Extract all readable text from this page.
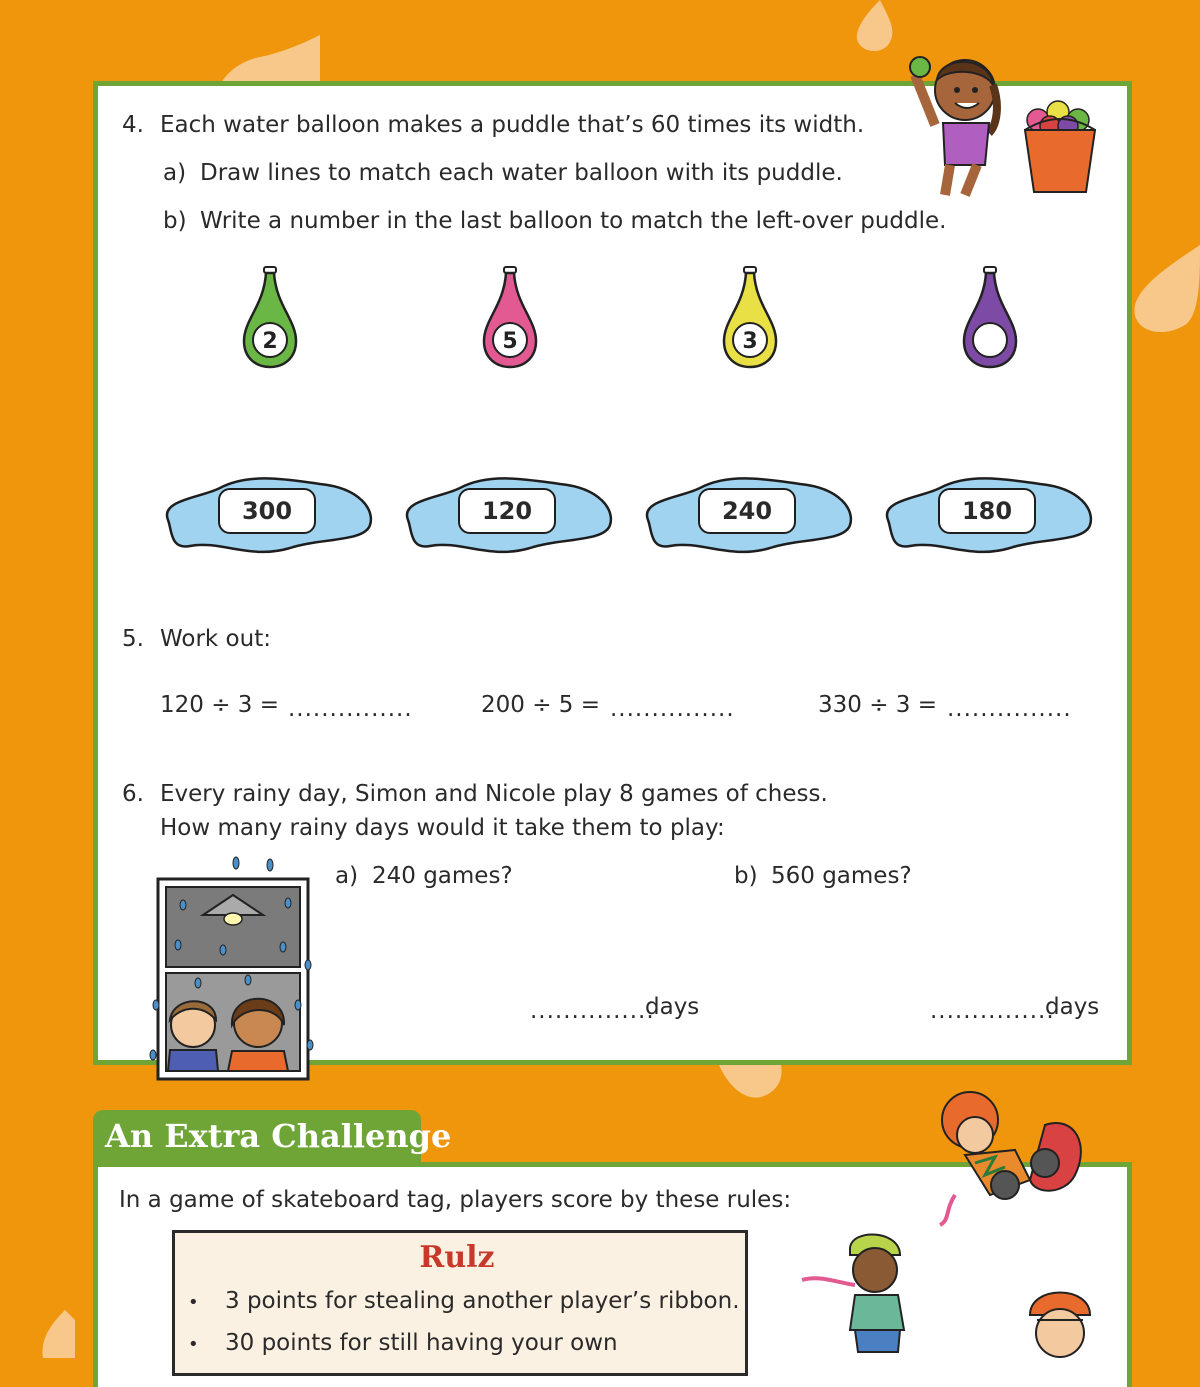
4. Each water balloon makes a puddle that’s 60 times its width.
a) Draw lines to match each water balloon with its puddle.
b) Write a number in the last balloon to match the left-over puddle.
2	5	3
300	120	240	180
5. Work out:
120 ÷ 3 = ...............	200 ÷ 5 = ...............	330 ÷ 3 = ...............
6. Every rainy day, Simon and Nicole play 8 games of chess.
How many rainy days would it take them to play:
a) 240 games?	b) 560 games?
...............
days	...............
days
An Extra Challenge
In a game of skateboard tag, players score by these rules:
Rulz
• 3 points for stealing another player’s ribbon.
• 30 points for still having your own
